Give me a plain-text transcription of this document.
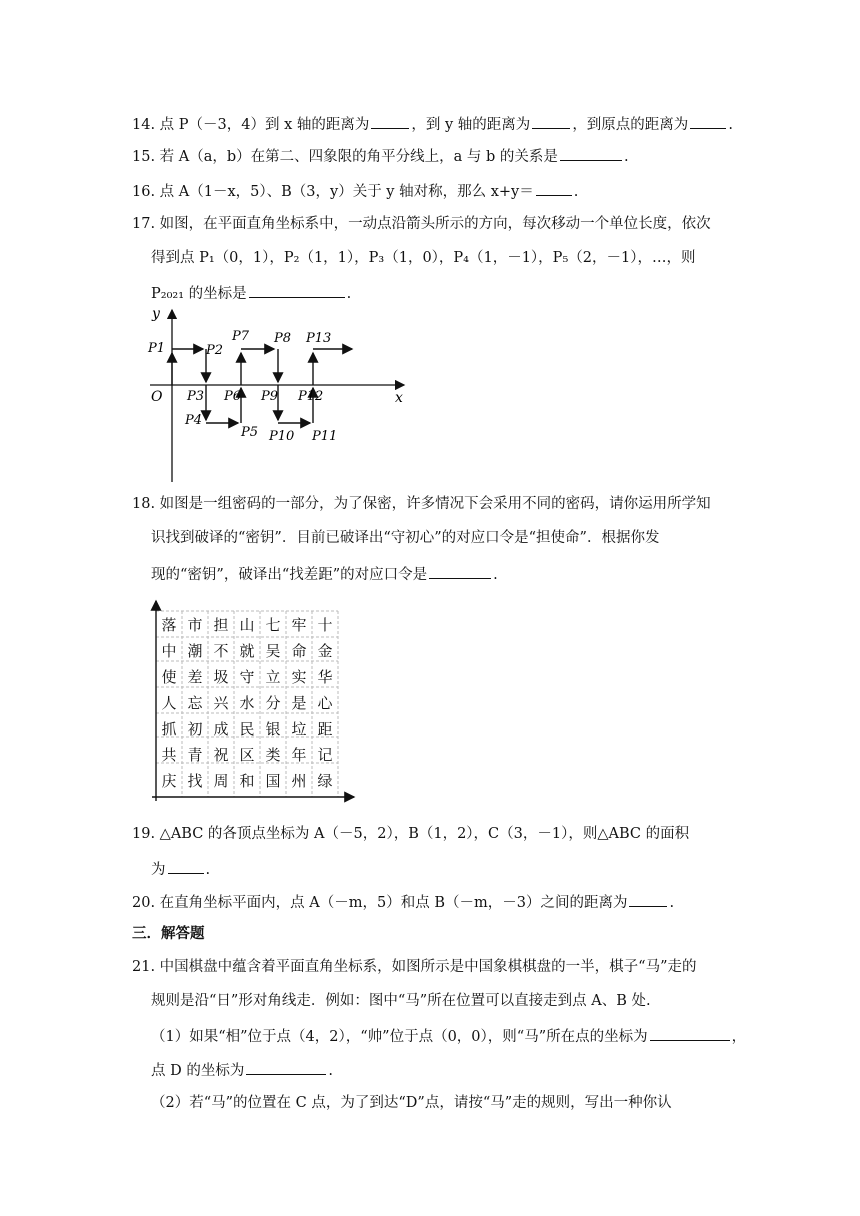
14. 点 P（－3，4）到 x 轴的距离为	，到 y 轴的距离为	，到原点的距离为	.
15. 若 A（a，b）在第二、四象限的角平分线上，a 与 b 的关系是	.
16. 点 A（1－x，5）、B（3，y）关于 y 轴对称，那么 x+y＝	.
17. 如图，在平面直角坐标系中，一动点沿箭头所示的方向，每次移动一个单位长度，依次
得到点 P₁（0，1），P₂（1，1），P₃（1，0），P₄（1，－1），P₅（2，－1），…，则
P₂₀₂₁ 的坐标是	.
y
x
O
P1	P2
P3
P4
P5
P6
P7 P8
P9
P10 P11
P12
P13
18. 如图是一组密码的一部分，为了保密，许多情况下会采用不同的密码，请你运用所学知
识找到破译的“密钥”．目前已破译出“守初心”的对应口令是“担使命”．根据你发
现的“密钥”，破译出“找差距”的对应口令是	.
落 市 担 山 七 牢 十
中 潮 不 就 吴 命 金
使 差 圾 守 立 实 华
人 忘 兴 水 分 是 心
抓 初 成 民 银 垃 距
共 青 祝 区 类 年 记
庆 找 周 和 国 州 绿
19. △ABC 的各顶点坐标为 A（－5，2），B（1，2），C（3，－1），则△ABC 的面积
为	.
20. 在直角坐标平面内，点 A（－m，5）和点 B（－m，－3）之间的距离为	.
三．解答题
21. 中国棋盘中蕴含着平面直角坐标系，如图所示是中国象棋棋盘的一半，棋子“马”走的
规则是沿“日”形对角线走．例如：图中“马”所在位置可以直接走到点 A、B 处.
（1）如果“相”位于点（4，2），“帅”位于点（0，0），则“马”所在点的坐标为	，
点 D 的坐标为	.
（2）若“马”的位置在 C 点，为了到达“D”点，请按“马”走的规则，写出一种你认
